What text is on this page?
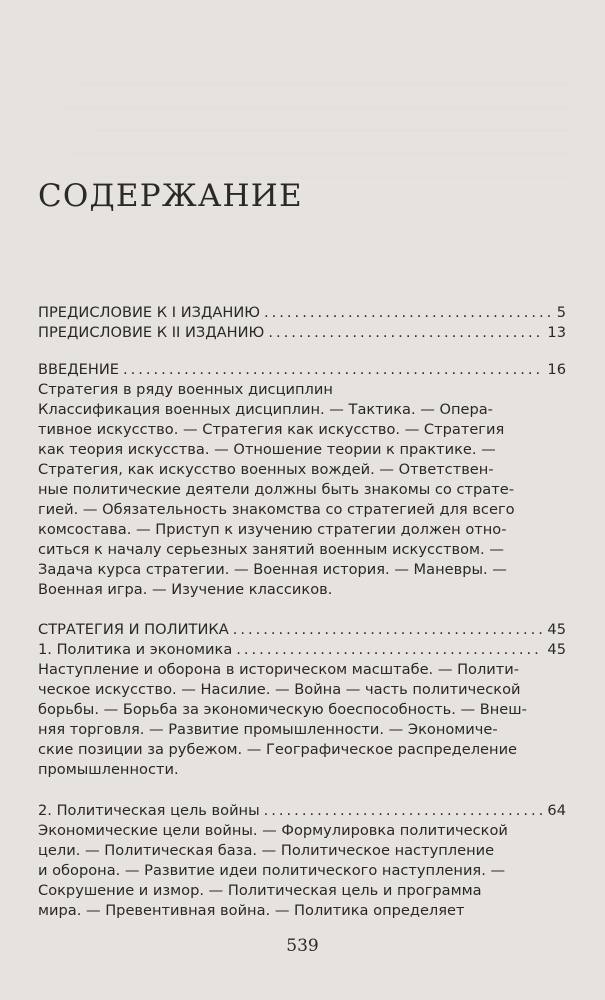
СОДЕРЖАНИЕ
ПРЕДИСЛОВИЕ К I ИЗДАНИЮ .....	5
ПРЕДИСЛОВИЕ К II ИЗДАНИЮ .....	13
ВВЕДЕНИЕ .....	16

Стратегия в ряду военных дисциплин

Классификация военных дисциплин. — Тактика. — Опера-
тивное искусство. — Стратегия как искусство. — Стратегия
как теория искусства. — Отношение теории к практике. —
Стратегия, как искусство военных вождей. — Ответствен-
ные политические деятели должны быть знакомы со страте-
гией. — Обязательность знакомства со стратегией для всего
комсостава. — Приступ к изучению стратегии должен отно-
ситься к началу серьезных занятий военным искусством. —
Задача курса стратегии. — Военная история. — Маневры. —
Военная игра. — Изучение классиков.
СТРАТЕГИЯ И ПОЛИТИКА .....	45
1. Политика и экономика .....	45
Наступление и оборона в историческом масштабе. — Полити-
ческое искусство. — Насилие. — Война — часть политической
борьбы. — Борьба за экономическую боеспособность. — Внеш-
няя торговля. — Развитие промышленности. — Экономиче-
ские позиции за рубежом. — Географическое распределение
промышленности.
2. Политическая цель войны .....	64
Экономические цели войны. — Формулировка политической
цели. — Политическая база. — Политическое наступление
и оборона. — Развитие идеи политического наступления. —
Сокрушение и измор. — Политическая цель и программа
мира. — Превентивная война. — Политика определяет
539
